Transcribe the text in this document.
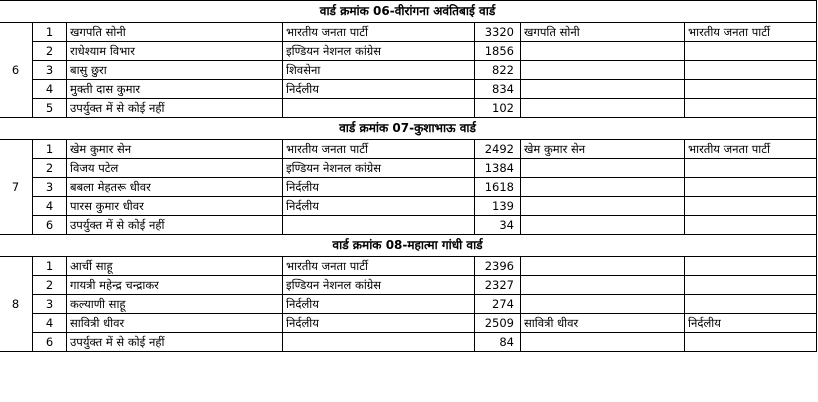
वार्ड क्रमांक 06-वीरांगना अवंतिबाई वार्ड						
6	1	खगपति सोनी	भारतीय जनता पार्टी	3320	खगपति सोनी	भारतीय जनता पार्टी
	2	राधेश्याम विभार	इण्डियन नेशनल कांग्रेस	1856		
	3	बासु छुरा	शिवसेना	822		
	4	मुक्ती दास कुमार	निर्दलीय	834		
	5	उपर्युक्त में से कोई नहीं		102		
वार्ड क्रमांक 07-कुशाभाऊ वार्ड						
7	1	खेम कुमार सेन	भारतीय जनता पार्टी	2492	खेम कुमार सेन	भारतीय जनता पार्टी
	2	विजय पटेल	इण्डियन नेशनल कांग्रेस	1384		
	3	बबला मेहतरू धीवर	निर्दलीय	1618		
	4	पारस कुमार धीवर	निर्दलीय	139		
	6	उपर्युक्त में से कोई नहीं		34		
वार्ड क्रमांक 08-महात्मा गांधी वार्ड						
8	1	आर्ची साहू	भारतीय जनता पार्टी	2396		
	2	गायत्री महेन्द्र चन्द्राकर	इण्डियन नेशनल कांग्रेस	2327		
	3	कल्याणी साहू	निर्दलीय	274		
	4	सावित्री धीवर	निर्दलीय	2509	सावित्री धीवर	निर्दलीय
	6	उपर्युक्त में से कोई नहीं		84		
